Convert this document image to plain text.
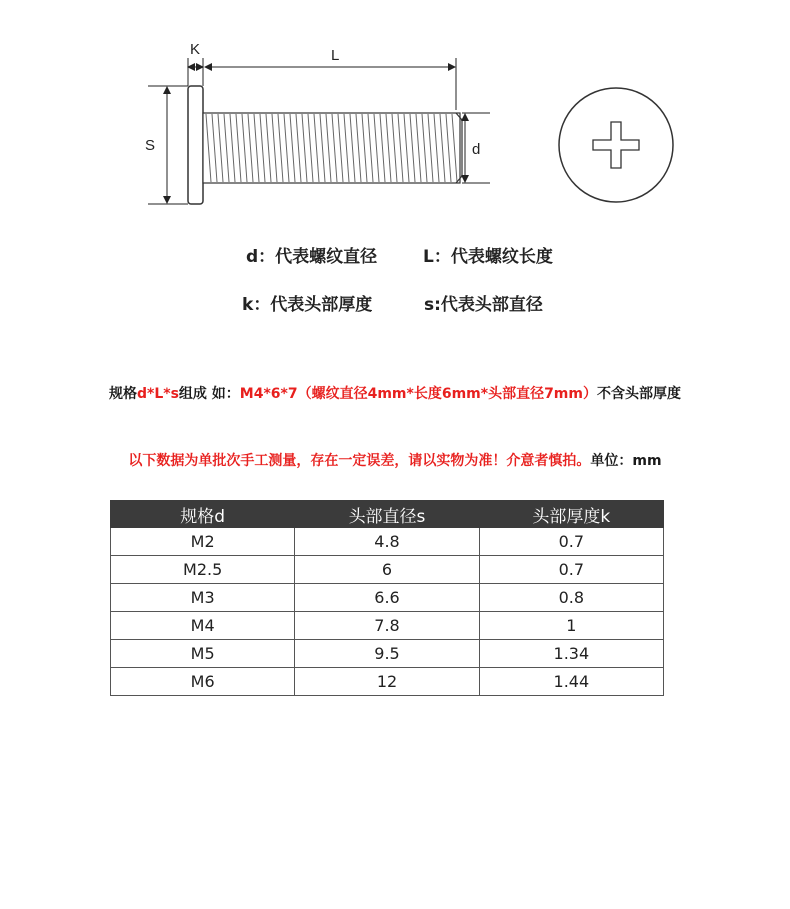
K	L
S	d
d：代表螺纹直径	L：代表螺纹长度
k：代表头部厚度	s:代表头部直径
规格d*L*s组成 如：M4*6*7（螺纹直径4mm*长度6mm*头部直径7mm）不含头部厚度
以下数据为单批次手工测量，存在一定误差，请以实物为准！介意者慎拍。单位：mm
规格d	头部直径s	头部厚度k
M2	4.8	0.7
M2.5	6	0.7
M3	6.6	0.8
M4	7.8	1
M5	9.5	1.34
M6	12	1.44
